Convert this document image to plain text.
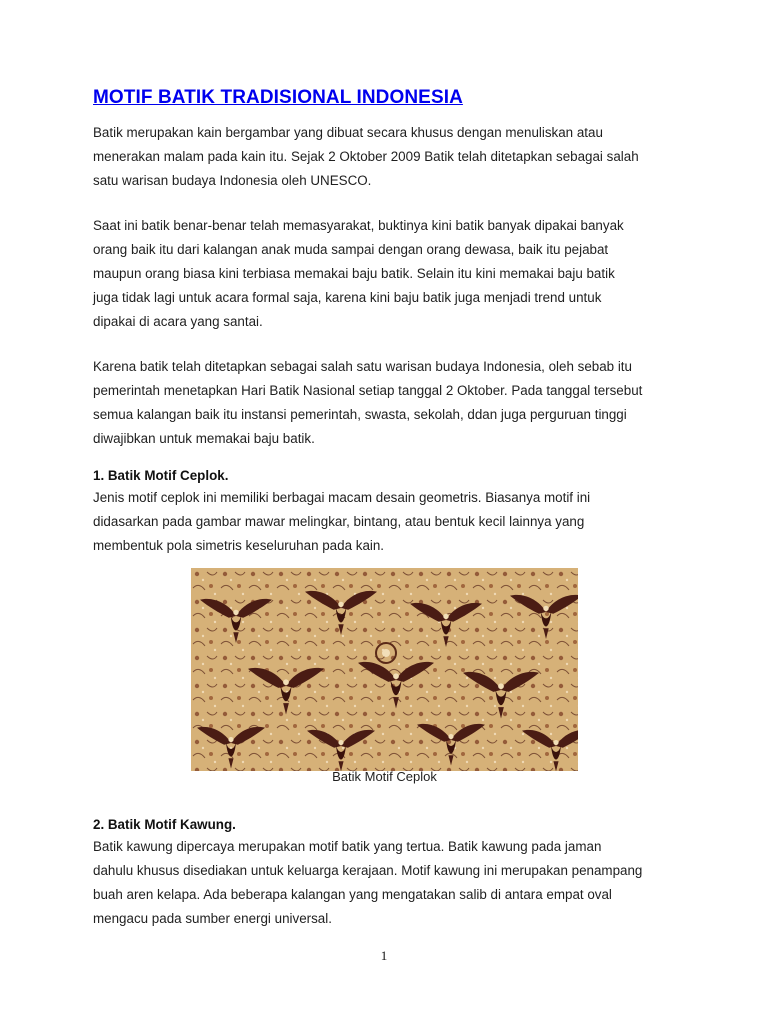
MOTIF BATIK TRADISIONAL INDONESIA

Batik merupakan kain bergambar yang dibuat secara khusus dengan menuliskan atau
menerakan malam pada kain itu. Sejak 2 Oktober 2009 Batik telah ditetapkan sebagai salah
satu warisan budaya Indonesia oleh UNESCO.

Saat ini batik benar-benar telah memasyarakat, buktinya kini batik banyak dipakai banyak
orang baik itu dari kalangan anak muda sampai dengan orang dewasa, baik itu pejabat
maupun orang biasa kini terbiasa memakai baju batik. Selain itu kini memakai baju batik
juga tidak lagi untuk acara formal saja, karena kini baju batik juga menjadi trend untuk
dipakai di acara yang santai.

Karena batik telah ditetapkan sebagai salah satu warisan budaya Indonesia, oleh sebab itu
pemerintah menetapkan Hari Batik Nasional setiap tanggal 2 Oktober. Pada tanggal tersebut
semua kalangan baik itu instansi pemerintah, swasta, sekolah, ddan juga perguruan tinggi
diwajibkan untuk memakai baju batik.

1. Batik Motif Ceplok.

Jenis motif ceplok ini memiliki berbagai macam desain geometris. Biasanya motif ini
didasarkan pada gambar mawar melingkar, bintang, atau bentuk kecil lainnya yang
membentuk pola simetris keseluruhan pada kain.

Batik Motif Ceplok
2. Batik Motif Kawung.

Batik kawung dipercaya merupakan motif batik yang tertua. Batik kawung pada jaman
dahulu khusus disediakan untuk keluarga kerajaan. Motif kawung ini merupakan penampang
buah aren kelapa. Ada beberapa kalangan yang mengatakan salib di antara empat oval
mengacu pada sumber energi universal.

1
